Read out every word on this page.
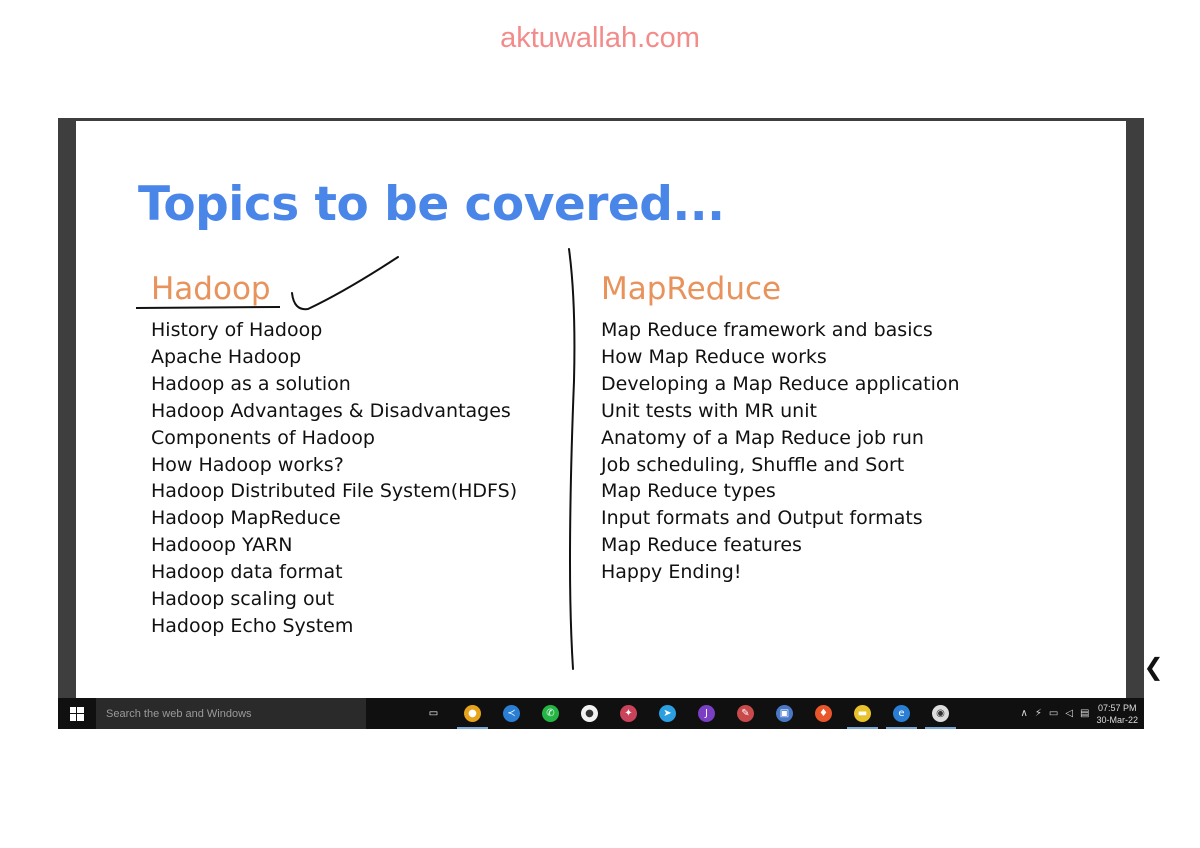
aktuwallah.com
Topics to be covered...
Hadoop	MapReduce
History of Hadoop
Apache Hadoop
Hadoop as a solution
Hadoop Advantages & Disadvantages
Components of Hadoop
How Hadoop works?
Hadoop Distributed File System(HDFS)
Hadoop MapReduce
Hadooop YARN
Hadoop data format
Hadoop scaling out
Hadoop Echo System
Map Reduce framework and basics
How Map Reduce works
Developing a Map Reduce application
Unit tests with MR unit
Anatomy of a Map Reduce job run
Job scheduling, Shuffle and Sort
Map Reduce types
Input formats and Output formats
Map Reduce features
Happy Ending!
❮
Search the web and Windows	▭	●	≺	✆	●	✦	➤	J	✎	▣	♦	▬	e	◉	∧ ⚡ ▭ ◁ ▤
07:57 PM
30-Mar-22
